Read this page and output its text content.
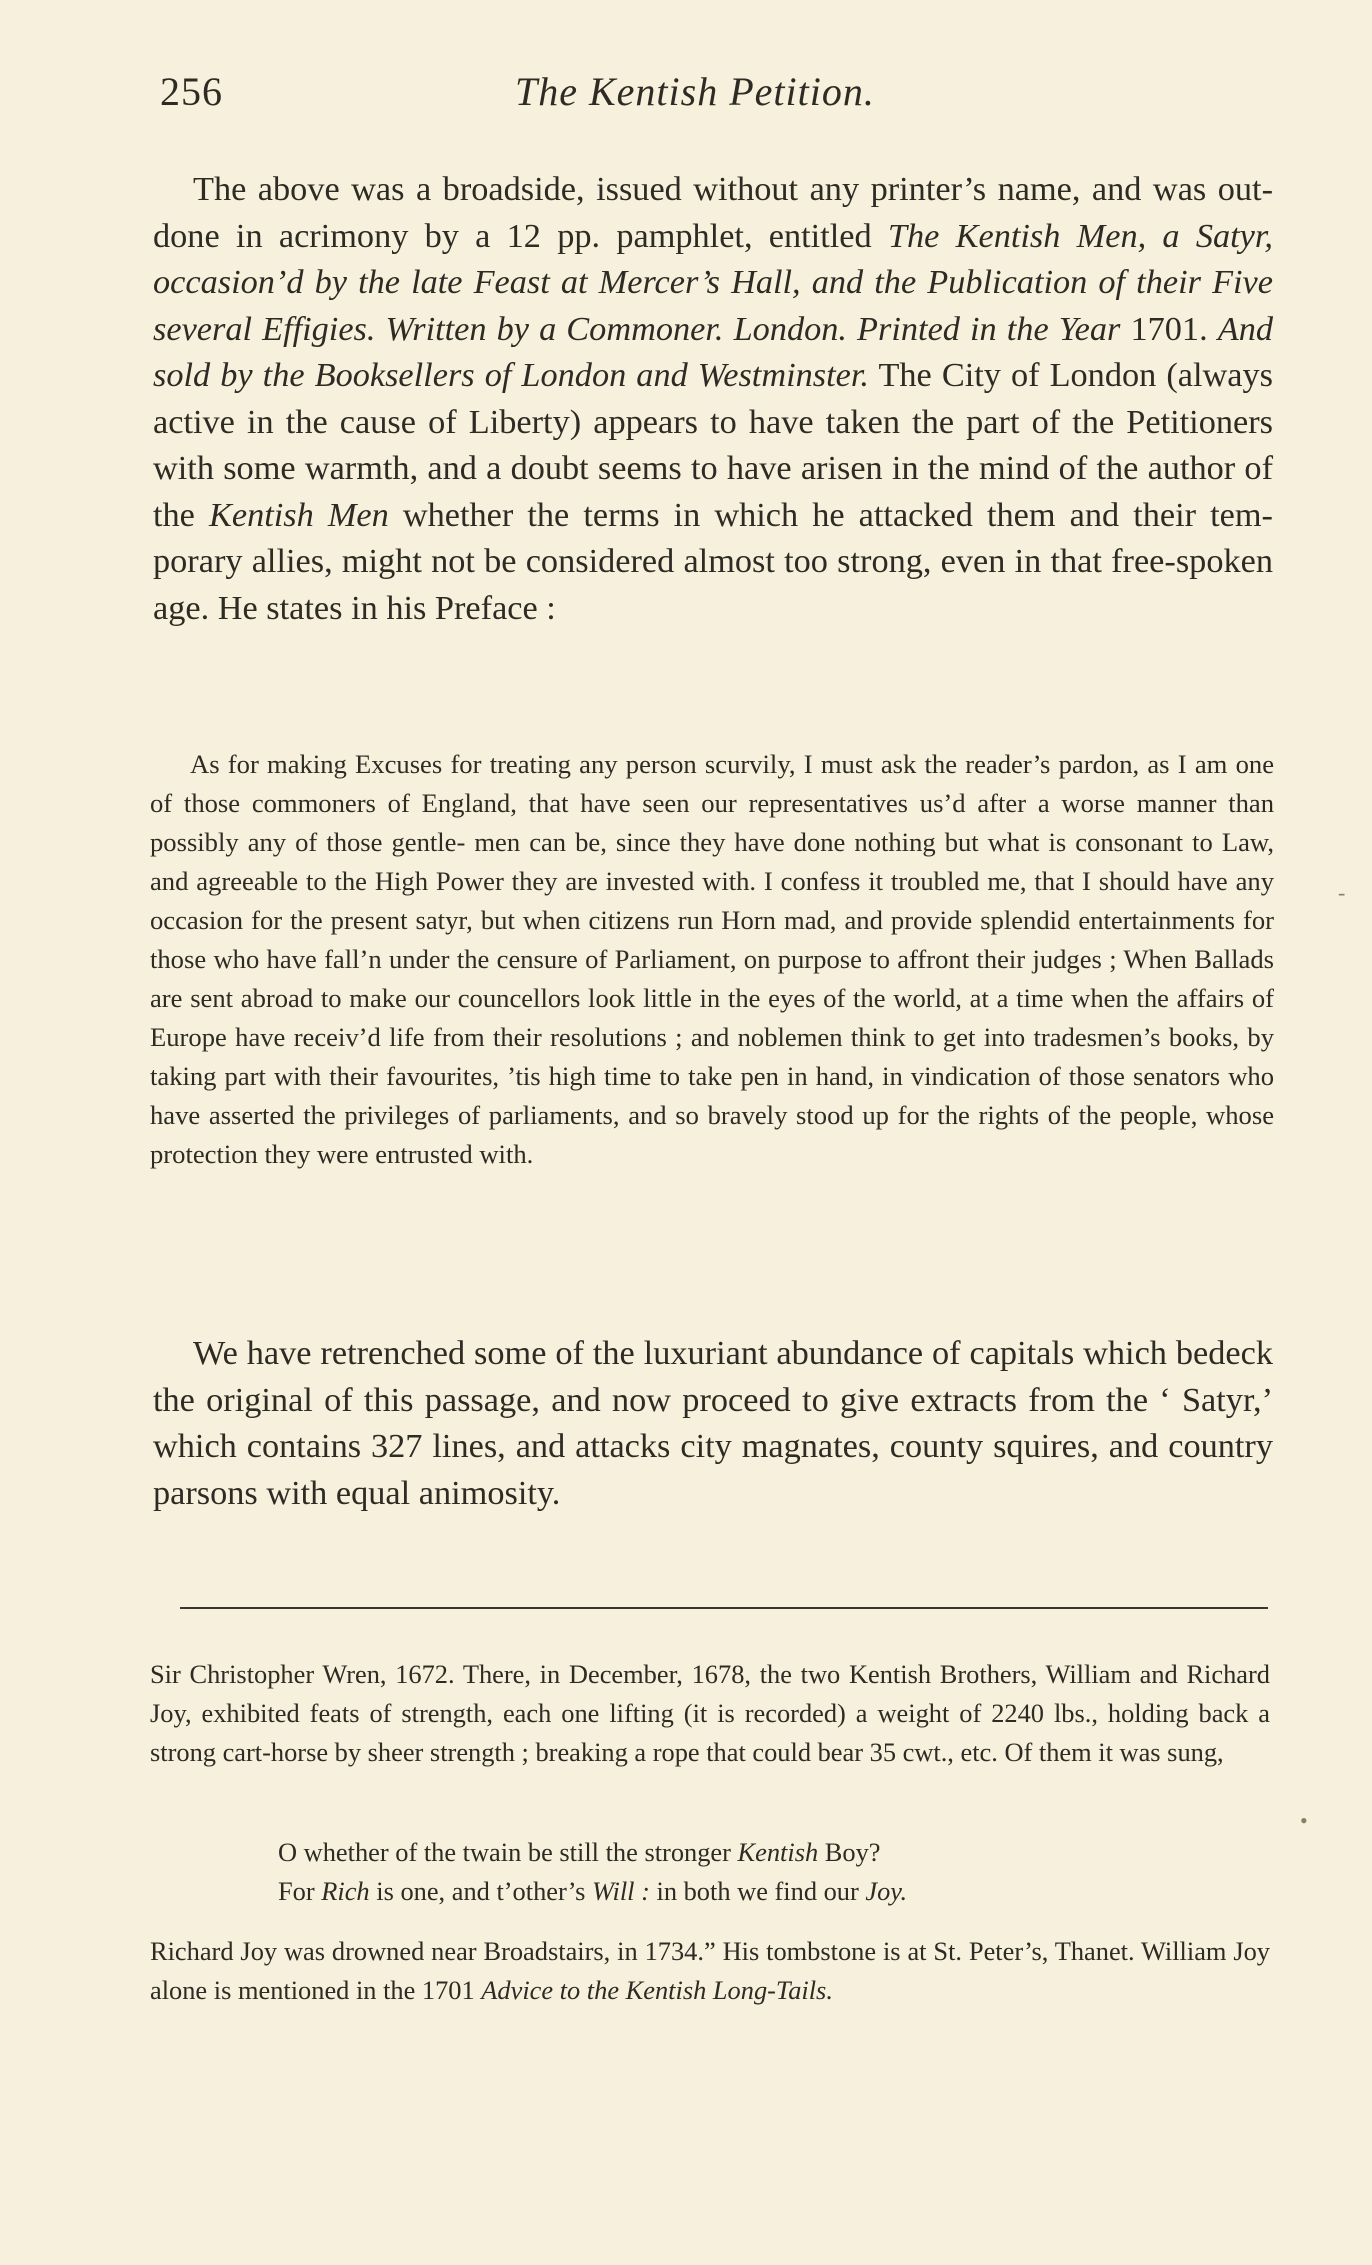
256	The Kentish Petition.

The above was a broadside, issued without any printer’s name, and was out-done in acrimony by a 12 pp. pamphlet, entitled The Kentish Men, a Satyr, occasion’d by the late Feast at Mercer’s Hall, and the Publication of their Five several Effigies. Written by a Commoner. London. Printed in the Year 1701. And sold by the Booksellers of London and Westminster. The City of London (always active in the cause of Liberty) appears to have taken the part of the Petitioners with some warmth, and a doubt seems to have arisen in the mind of the author of the Kentish Men whether the terms in which he attacked them and their tem- porary allies, might not be considered almost too strong, even in that free-spoken age. He states in his Preface :

As for making Excuses for treating any person scurvily, I must ask the reader’s pardon, as I am one of those commoners of England, that have seen our representatives us’d after a worse manner than possibly any of those gentle- men can be, since they have done nothing but what is consonant to Law, and agreeable to the High Power they are invested with. I confess it troubled me, that I should have any occasion for the present satyr, but when citizens run Horn mad, and provide splendid entertainments for those who have fall’n under the censure of Parliament, on purpose to affront their judges ; When Ballads are sent abroad to make our councellors look little in the eyes of the world, at a time when the affairs of Europe have receiv’d life from their resolutions ; and noblemen think to get into tradesmen’s books, by taking part with their favourites, ’tis high time to take pen in hand, in vindication of those senators who have asserted the privileges of parliaments, and so bravely stood up for the rights of the people, whose protection they were entrusted with.

We have retrenched some of the luxuriant abundance of capitals which bedeck the original of this passage, and now proceed to give extracts from the ‘ Satyr,’ which contains 327 lines, and attacks city magnates, county squires, and country parsons with equal animosity.

Sir Christopher Wren, 1672. There, in December, 1678, the two Kentish Brothers, William and Richard Joy, exhibited feats of strength, each one lifting (it is recorded) a weight of 2240 lbs., holding back a strong cart-horse by sheer strength ; breaking a rope that could bear 35 cwt., etc. Of them it was sung,

O whether of the twain be still the stronger Kentish Boy?
For Rich is one, and t’other’s Will : in both we find our Joy.

Richard Joy was drowned near Broadstairs, in 1734.” His tombstone is at St. Peter’s, Thanet. William Joy alone is mentioned in the 1701 Advice to the Kentish Long-Tails.

-
•
